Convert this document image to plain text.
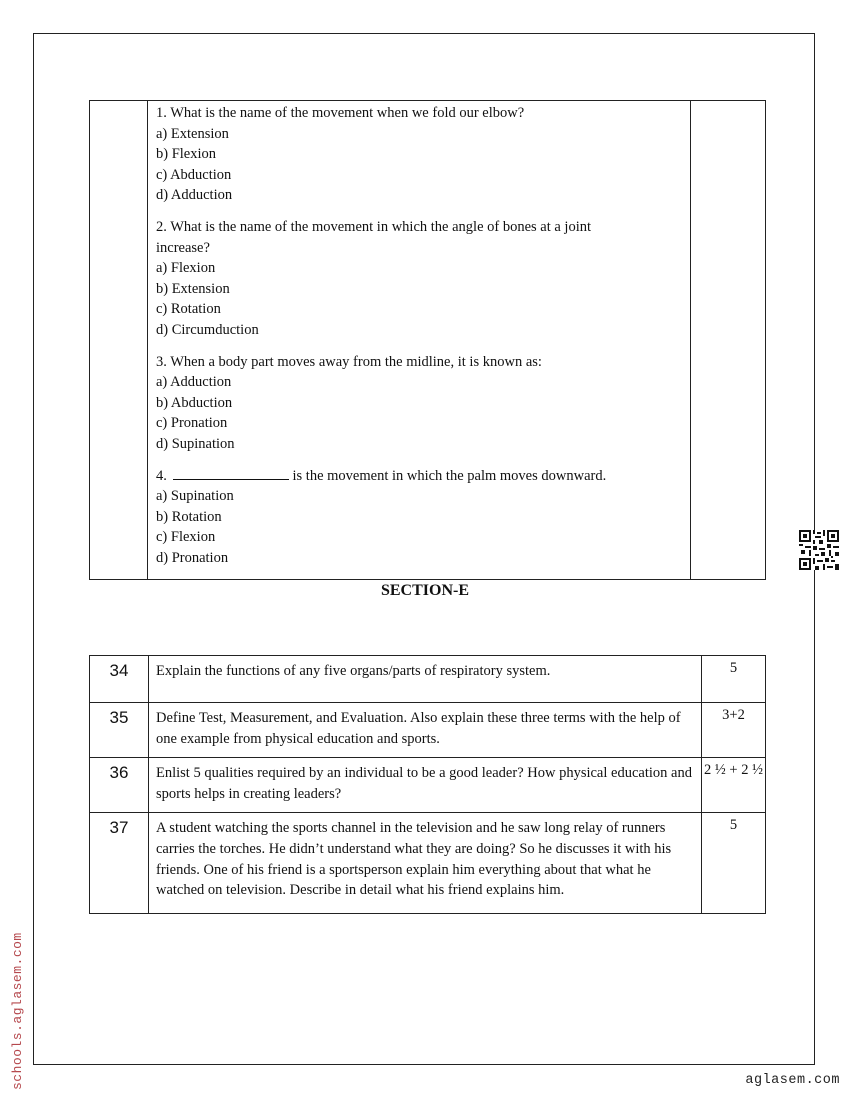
1. What is the name of the movement when we fold our elbow?
a) Extension
b) Flexion
c) Abduction
d) Adduction
2. What is the name of the movement in which the angle of bones at a joint
increase?
a) Flexion
b) Extension
c) Rotation
d) Circumduction
3. When a body part moves away from the midline, it is known as:
a) Adduction
b) Abduction
c) Pronation
d) Supination
4.	is the movement in which the palm moves downward.
a) Supination
b) Rotation
c) Flexion
d) Pronation
SECTION-E
34	Explain the functions of any five organs/parts of respiratory system.	5
35	Define Test, Measurement, and Evaluation. Also explain these three terms with the help of one example from physical education and sports.	3+2
36	Enlist 5 qualities required by an individual to be a good leader? How physical education and sports helps in creating leaders?	2 ½ + 2 ½
37	A student watching the sports channel in the television and he saw long relay of runners carries the torches. He didn’t understand what they are doing? So he discusses it with his friends. One of his friend is a sportsperson explain him everything about that what he watched on television. Describe in detail what his friend explains him.	5
schools.aglasem.com	aglasem.com
